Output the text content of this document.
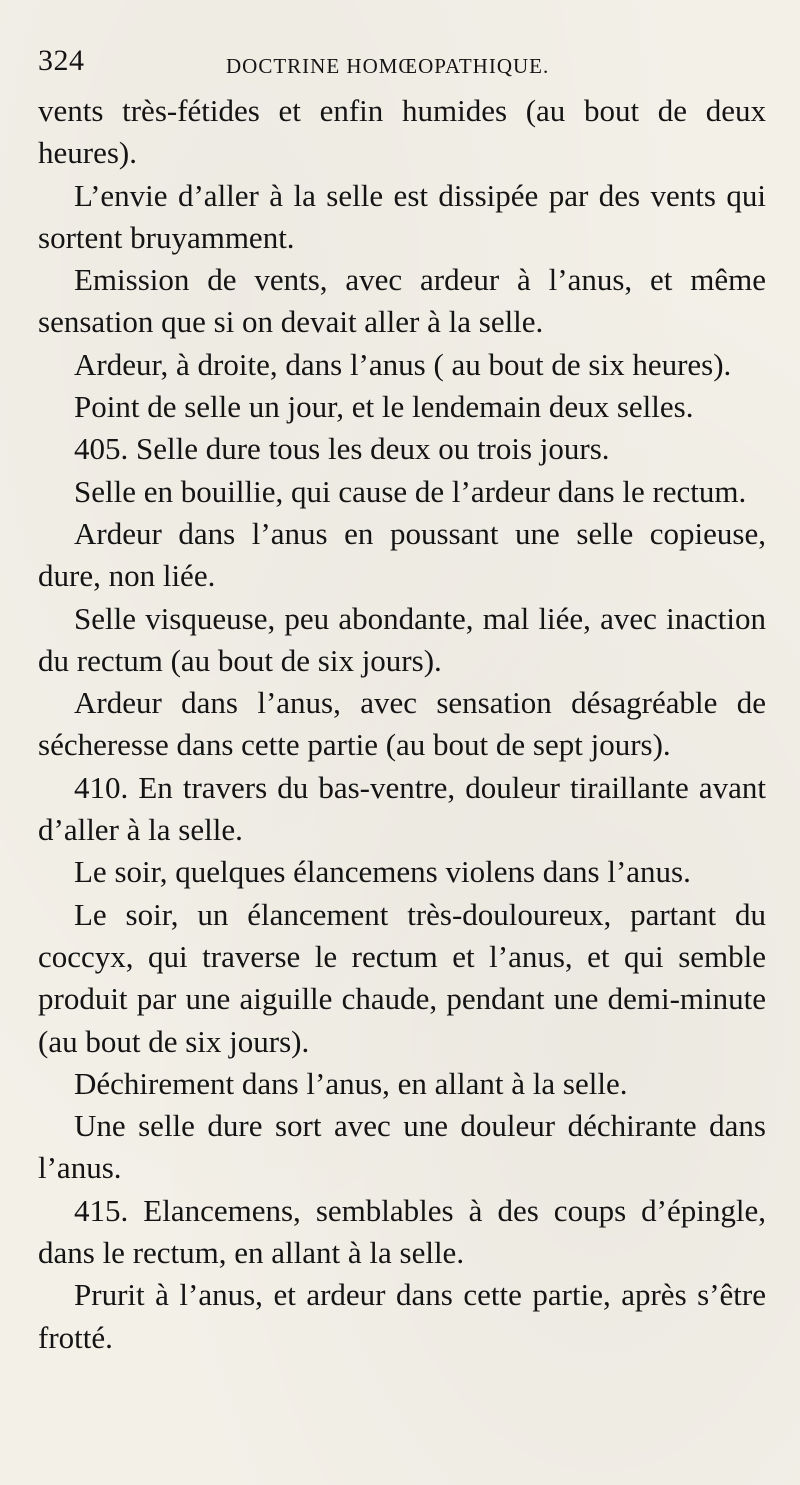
324	DOCTRINE HOMŒOPATHIQUE.

vents très-fétides et enfin humides (au bout de deux heures).

L’envie d’aller à la selle est dissipée par des vents qui sortent bruyamment.

Emission de vents, avec ardeur à l’anus, et même sensation que si on devait aller à la selle.

Ardeur, à droite, dans l’anus ( au bout de six heures).

Point de selle un jour, et le lendemain deux selles.

405. Selle dure tous les deux ou trois jours.

Selle en bouillie, qui cause de l’ardeur dans le rectum.

Ardeur dans l’anus en poussant une selle copieuse, dure, non liée.

Selle visqueuse, peu abondante, mal liée, avec inaction du rectum (au bout de six jours).

Ardeur dans l’anus, avec sensation désagréable de sécheresse dans cette partie (au bout de sept jours).

410. En travers du bas-ventre, douleur tiraillante avant d’aller à la selle.

Le soir, quelques élancemens violens dans l’anus.

Le soir, un élancement très-douloureux, partant du coccyx, qui traverse le rectum et l’anus, et qui semble produit par une aiguille chaude, pendant une demi-minute (au bout de six jours).

Déchirement dans l’anus, en allant à la selle.

Une selle dure sort avec une douleur déchirante dans l’anus.

415. Elancemens, semblables à des coups d’épingle, dans le rectum, en allant à la selle.

Prurit à l’anus, et ardeur dans cette partie, après s’être frotté.
